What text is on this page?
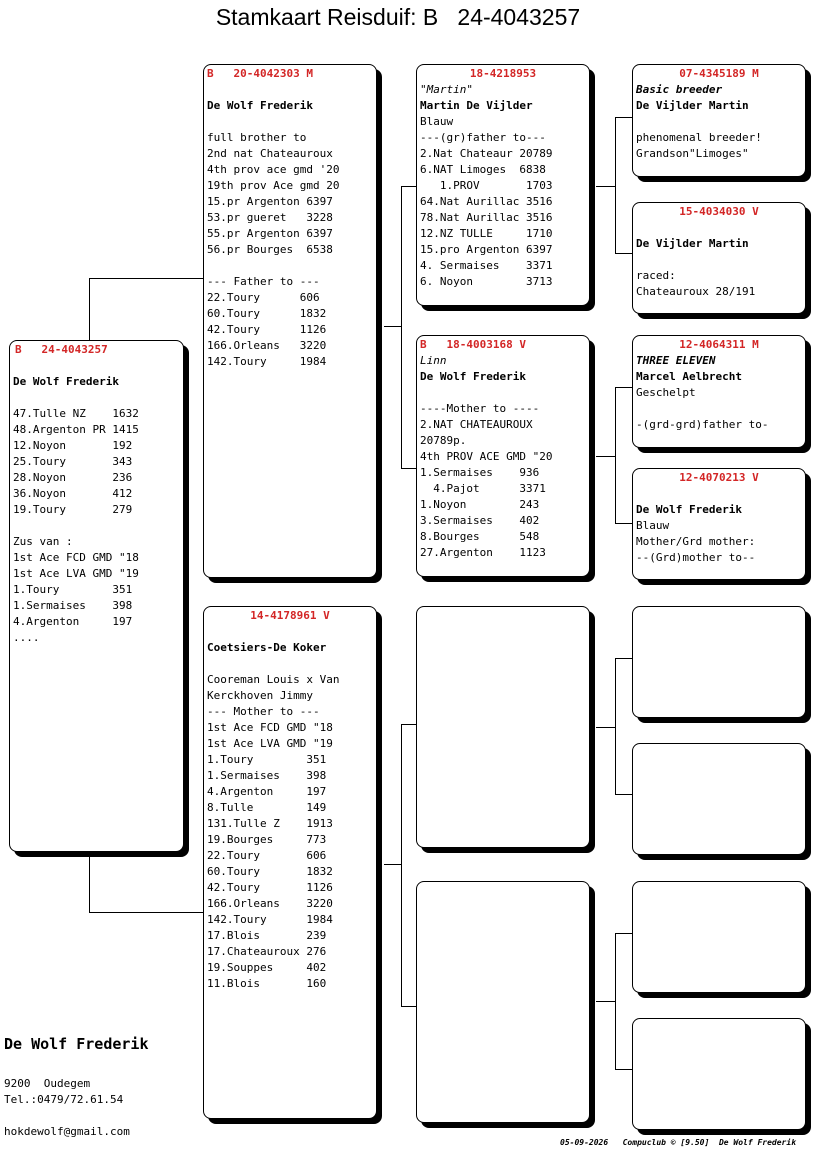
Stamkaart Reisduif: B   24-4043257
B   24-4043257
De Wolf Frederik
47.Tulle NZ    1632
48.Argenton PR 1415
12.Noyon       192
25.Toury       343
28.Noyon       236
36.Noyon       412
19.Toury       279
Zus van :
1st Ace FCD GMD "18
1st Ace LVA GMD "19
1.Toury        351
1.Sermaises    398
4.Argenton     197
....
B   20-4042303 M
De Wolf Frederik
full brother to
2nd nat Chateauroux
4th prov ace gmd '20
19th prov Ace gmd 20
15.pr Argenton 6397
53.pr gueret   3228
55.pr Argenton 6397
56.pr Bourges  6538
--- Father to ---
22.Toury      606
60.Toury      1832
42.Toury      1126
166.Orleans   3220
142.Toury     1984
14-4178961 V
Coetsiers-De Koker
Cooreman Louis x Van
Kerckhoven Jimmy
--- Mother to ---
1st Ace FCD GMD "18
1st Ace LVA GMD "19
1.Toury        351
1.Sermaises    398
4.Argenton     197
8.Tulle        149
131.Tulle Z    1913
19.Bourges     773
22.Toury       606
60.Toury       1832
42.Toury       1126
166.Orleans    3220
142.Toury      1984
17.Blois       239
17.Chateauroux 276
19.Souppes     402
11.Blois       160
18-4218953
"Martin"
Martin De Vijlder
Blauw
---(gr)father to---
2.Nat Chateaur 20789
6.NAT Limoges  6838
1.PROV       1703
64.Nat Aurillac 3516
78.Nat Aurillac 3516
12.NZ TULLE     1710
15.pro Argenton 6397
4. Sermaises    3371
6. Noyon        3713
B   18-4003168 V
Linn
De Wolf Frederik
----Mother to ----
2.NAT CHATEAUROUX
20789p.
4th PROV ACE GMD "20
1.Sermaises    936
4.Pajot      3371
1.Noyon        243
3.Sermaises    402
8.Bourges      548
27.Argenton    1123
07-4345189 M
Basic breeder
De Vijlder Martin
phenomenal breeder!
Grandson"Limoges"
15-4034030 V
De Vijlder Martin
raced:
Chateauroux 28/191
12-4064311 M
THREE ELEVEN
Marcel Aelbrecht
Geschelpt
-(grd-grd)father to-
12-4070213 V
De Wolf Frederik
Blauw
Mother/Grd mother:
--(Grd)mother to--
De Wolf Frederik
9200  Oudegem
Tel.:0479/72.61.54
hokdewolf@gmail.com
05-09-2026   Compuclub © [9.50]  De Wolf Frederik
